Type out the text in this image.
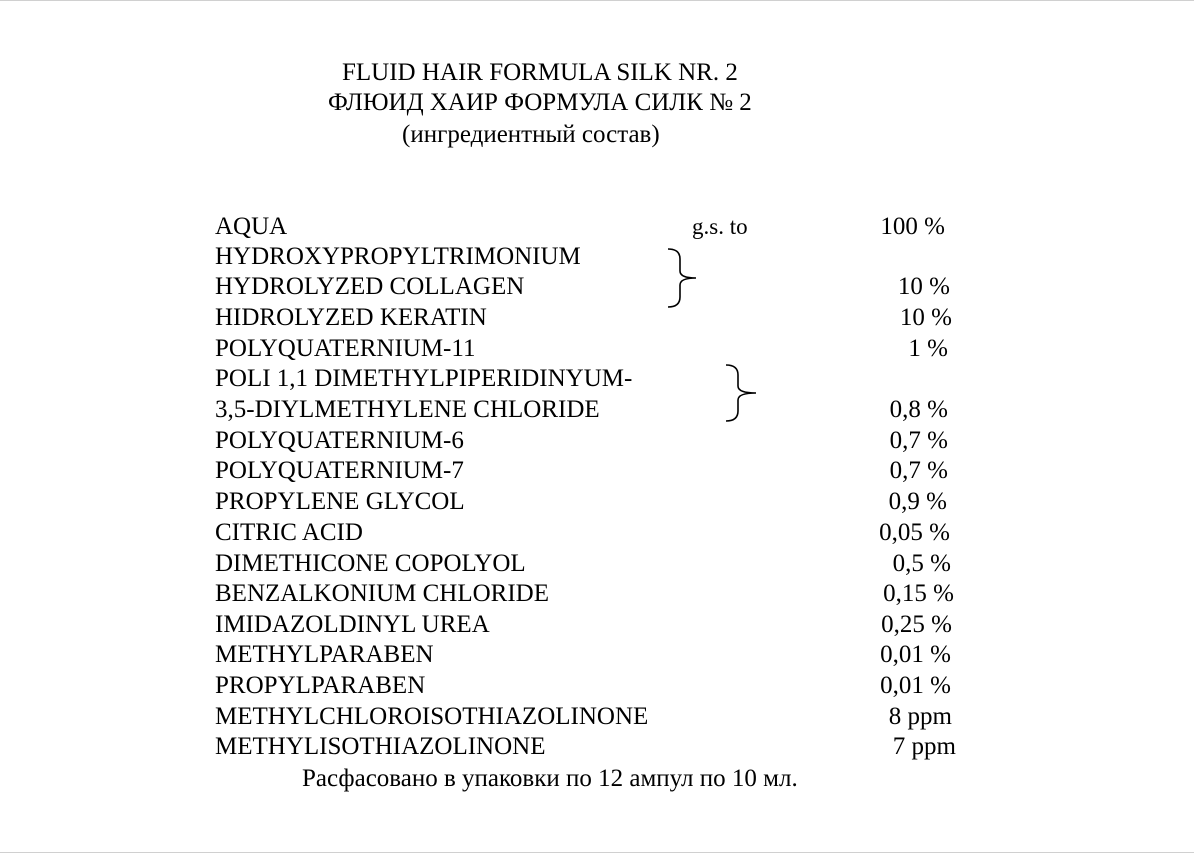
FLUID HAIR FORMULA SILK NR. 2
ФЛЮИД ХАИР ФОРМУЛА СИЛК № 2
(ингредиентный состав)
AQUA	g.s. to	100 %
HYDROXYPROPYLTRIMONIUM
HYDROLYZED COLLAGEN	10 %
HIDROLYZED KERATIN	10 %
POLYQUATERNIUM-11	1 %
POLI 1,1 DIMETHYLPIPERIDINYUM-
3,5-DIYLMETHYLENE CHLORIDE	0,8 %
POLYQUATERNIUM-6	0,7 %
POLYQUATERNIUM-7	0,7 %
PROPYLENE GLYCOL	0,9 %
CITRIC ACID	0,05 %
DIMETHICONE COPOLYOL	0,5 %
BENZALKONIUM CHLORIDE	0,15 %
IMIDAZOLDINYL UREA	0,25 %
METHYLPARABEN	0,01 %
PROPYLPARABEN	0,01 %
METHYLCHLOROISOTHIAZOLINONE	8 ppm
METHYLISOTHIAZOLINONE	7 ppm
Расфасовано в упаковки по 12 ампул по 10 мл.
